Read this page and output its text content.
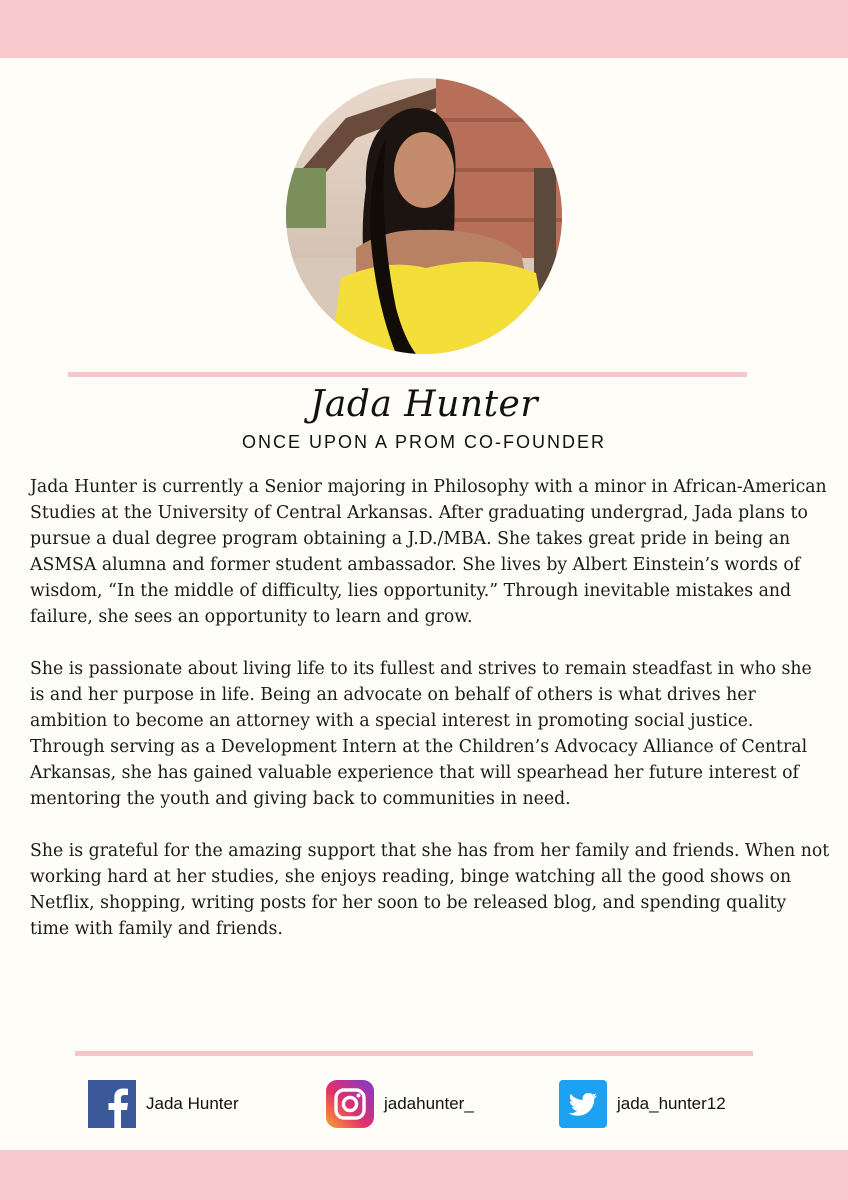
Jada Hunter
ONCE UPON A PROM CO-FOUNDER

Jada Hunter is currently a Senior majoring in Philosophy with a minor in African-American Studies at the University of Central Arkansas. After graduating undergrad, Jada plans to pursue a dual degree program obtaining a J.D./MBA. She takes great pride in being an ASMSA alumna and former student ambassador. She lives by Albert Einstein’s words of wisdom, “In the middle of difficulty, lies opportunity.” Through inevitable mistakes and failure, she sees an opportunity to learn and grow.

She is passionate about living life to its fullest and strives to remain steadfast in who she is and her purpose in life. Being an advocate on behalf of others is what drives her ambition to become an attorney with a special interest in promoting social justice. Through serving as a Development Intern at the Children’s Advocacy Alliance of Central Arkansas, she has gained valuable experience that will spearhead her future interest of mentoring the youth and giving back to communities in need.

She is grateful for the amazing support that she has from her family and friends. When not working hard at her studies, she enjoys reading, binge watching all the good shows on Netflix, shopping, writing posts for her soon to be released blog, and spending quality time with family and friends.

Jada Hunter	jadahunter_	jada_hunter12
